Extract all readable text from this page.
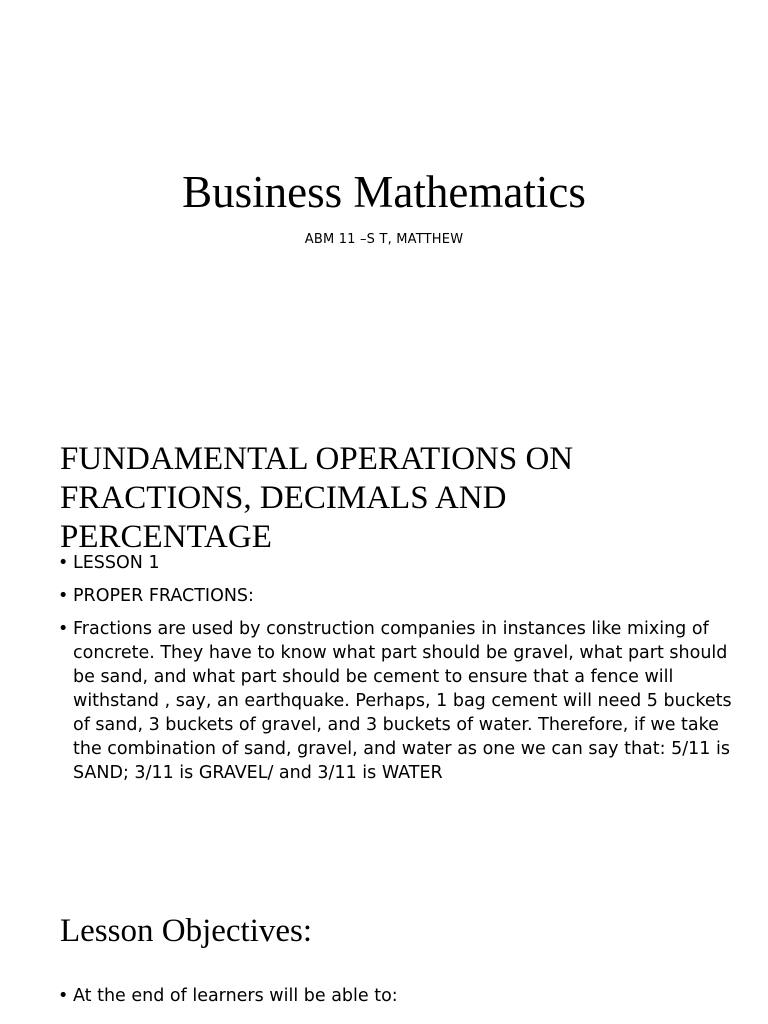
Business Mathematics
ABM 11 –S T, MATTHEW
FUNDAMENTAL OPERATIONS ON
FRACTIONS, DECIMALS AND
PERCENTAGE
• LESSON 1
• PROPER FRACTIONS:
• Fractions are used by construction companies in instances like mixing of concrete. They have to know what part should be gravel, what part should be sand, and what part should be cement to ensure that a fence will withstand , say, an earthquake. Perhaps, 1 bag cement will need 5 buckets of sand, 3 buckets of gravel, and 3 buckets of water. Therefore, if we take the combination of sand, gravel, and water as one we can say that: 5/11 is SAND; 3/11 is GRAVEL/ and 3/11 is WATER
Lesson Objectives:
• At the end of learners will be able to:
